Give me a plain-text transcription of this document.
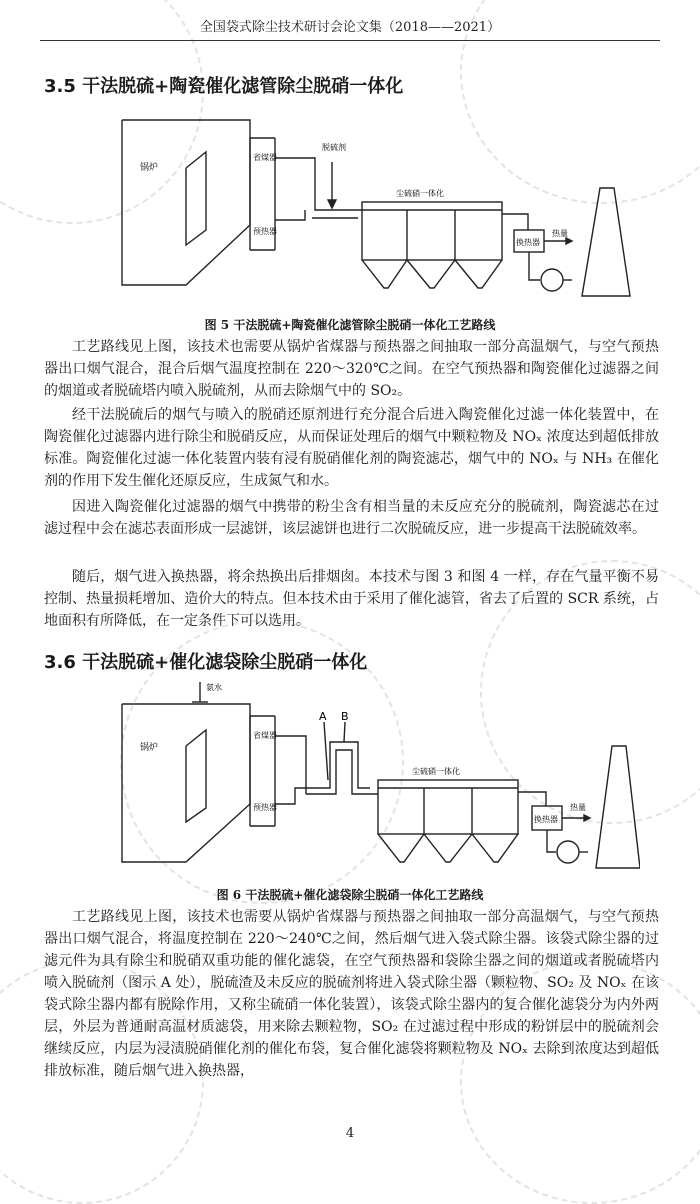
全国袋式除尘技术研讨会论文集（2018——2021）
3.5 干法脱硫+陶瓷催化滤管除尘脱硝一体化
锅炉
省煤器
预热器
脱硫剂
尘硫硝一体化
换热器
热量
图 5 干法脱硫+陶瓷催化滤管除尘脱硝一体化工艺路线

工艺路线见上图，该技术也需要从锅炉省煤器与预热器之间抽取一部分高温烟气，与空气预热器出口烟气混合，混合后烟气温度控制在 220～320℃之间。在空气预热器和陶瓷催化过滤器之间的烟道或者脱硫塔内喷入脱硫剂，从而去除烟气中的 SO₂。

经干法脱硫后的烟气与喷入的脱硝还原剂进行充分混合后进入陶瓷催化过滤一体化装置中，在陶瓷催化过滤器内进行除尘和脱硝反应，从而保证处理后的烟气中颗粒物及 NOₓ 浓度达到超低排放标准。陶瓷催化过滤一体化装置内装有浸有脱硝催化剂的陶瓷滤芯，烟气中的 NOₓ 与 NH₃ 在催化剂的作用下发生催化还原反应，生成氮气和水。

因进入陶瓷催化过滤器的烟气中携带的粉尘含有相当量的未反应充分的脱硫剂，陶瓷滤芯在过滤过程中会在滤芯表面形成一层滤饼，该层滤饼也进行二次脱硫反应，进一步提高干法脱硫效率。

随后，烟气进入换热器，将余热换出后排烟囱。本技术与图 3 和图 4 一样，存在气量平衡不易控制、热量损耗增加、造价大的特点。但本技术由于采用了催化滤管，省去了后置的 SCR 系统，占地面积有所降低，在一定条件下可以选用。

3.6 干法脱硫+催化滤袋除尘脱硝一体化
氨水
锅炉
省煤器
预热器
A B
尘硫硝一体化
换热器
热量
图 6 干法脱硫+催化滤袋除尘脱硝一体化工艺路线

工艺路线见上图，该技术也需要从锅炉省煤器与预热器之间抽取一部分高温烟气，与空气预热器出口烟气混合，将温度控制在 220～240℃之间，然后烟气进入袋式除尘器。该袋式除尘器的过滤元件为具有除尘和脱硝双重功能的催化滤袋，在空气预热器和袋除尘器之间的烟道或者脱硫塔内喷入脱硫剂（图示 A 处），脱硫渣及未反应的脱硫剂将进入袋式除尘器（颗粒物、SO₂ 及 NOₓ 在该袋式除尘器内都有脱除作用，又称尘硫硝一体化装置），该袋式除尘器内的复合催化滤袋分为内外两层，外层为普通耐高温材质滤袋，用来除去颗粒物，SO₂ 在过滤过程中形成的粉饼层中的脱硫剂会继续反应，内层为浸渍脱硝催化剂的催化布袋，复合催化滤袋将颗粒物及 NOₓ 去除到浓度达到超低排放标准，随后烟气进入换热器，

4
